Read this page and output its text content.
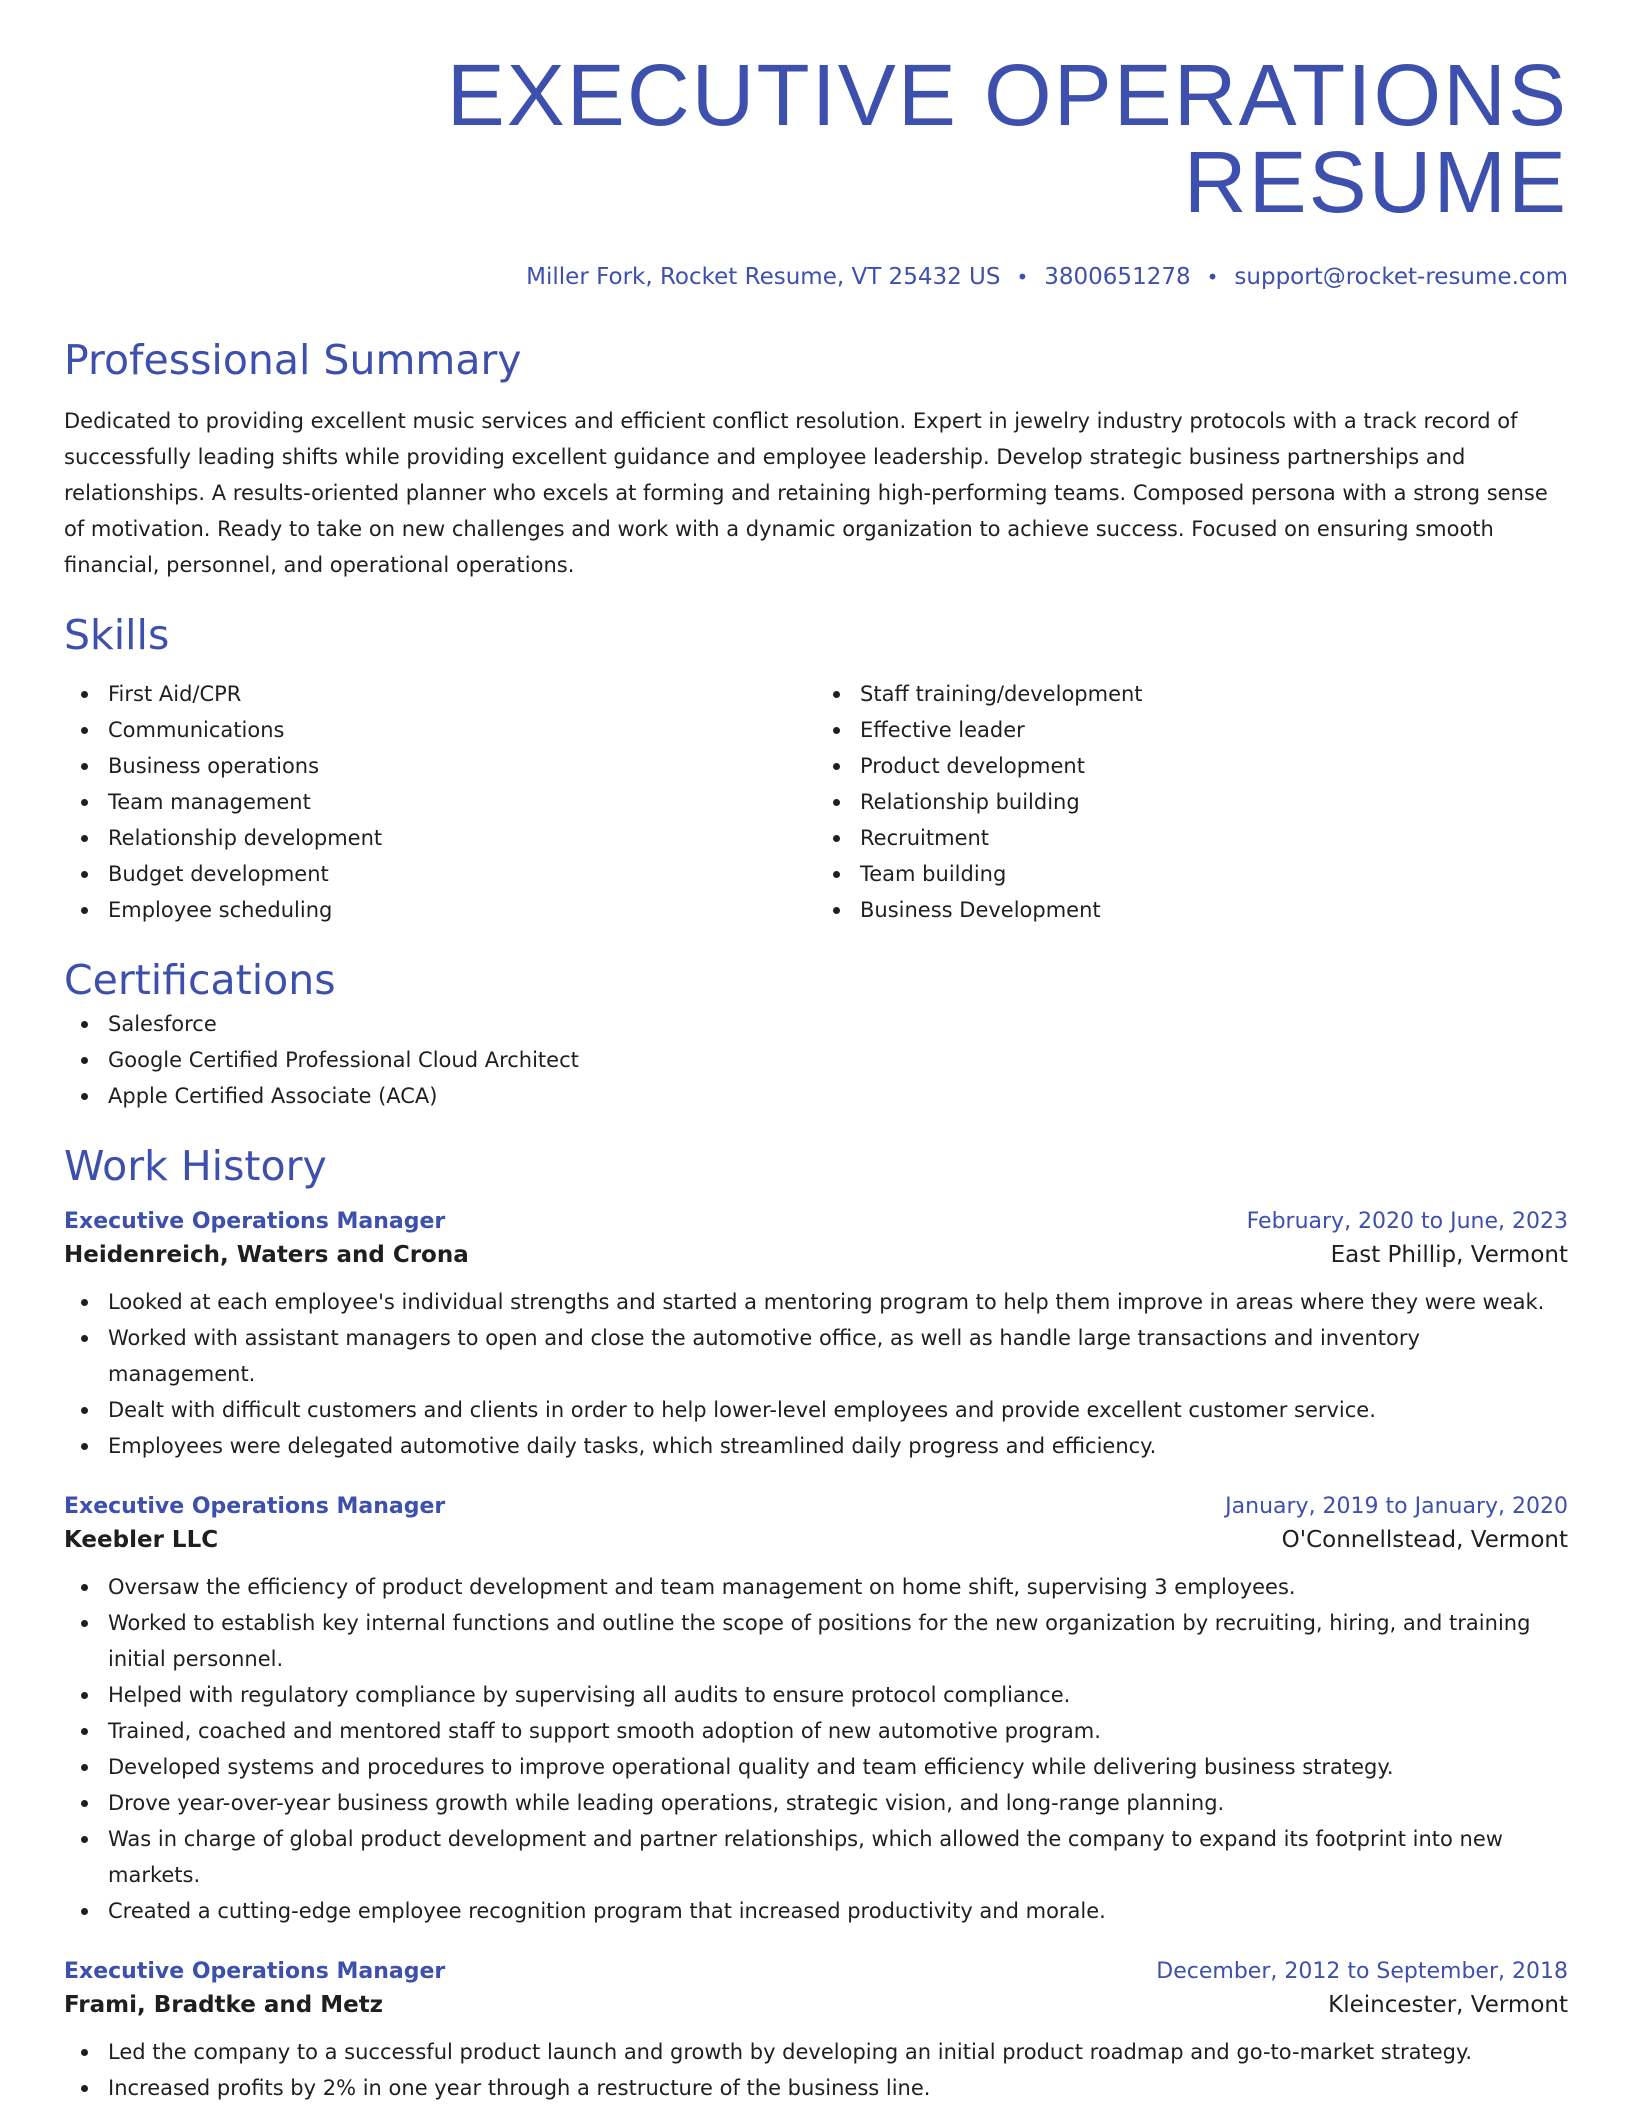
EXECUTIVE OPERATIONS RESUME
Miller Fork, Rocket Resume, VT 25432 US • 3800651278 • support@rocket-resume.com
Professional Summary

Dedicated to providing excellent music services and efficient conflict resolution. Expert in jewelry industry protocols with a track record of successfully leading shifts while providing excellent guidance and employee leadership. Develop strategic business partnerships and relationships. A results-oriented planner who excels at forming and retaining high-performing teams. Composed persona with a strong sense of motivation. Ready to take on new challenges and work with a dynamic organization to achieve success. Focused on ensuring smooth financial, personnel, and operational operations.

Skills
First Aid/CPR
Communications
Business operations
Team management
Relationship development
Budget development
Employee scheduling
Staff training/development
Effective leader
Product development
Relationship building
Recruitment
Team building
Business Development
Certifications
Salesforce
Google Certified Professional Cloud Architect
Apple Certified Associate (ACA)
Work History
Executive Operations Manager	February, 2020 to June, 2023
Heidenreich, Waters and Crona	East Phillip, Vermont
Looked at each employee's individual strengths and started a mentoring program to help them improve in areas where they were weak.
Worked with assistant managers to open and close the automotive office, as well as handle large transactions and inventory management.
Dealt with difficult customers and clients in order to help lower-level employees and provide excellent customer service.
Employees were delegated automotive daily tasks, which streamlined daily progress and efficiency.
Executive Operations Manager	January, 2019 to January, 2020
Keebler LLC	O'Connellstead, Vermont
Oversaw the efficiency of product development and team management on home shift, supervising 3 employees.
Worked to establish key internal functions and outline the scope of positions for the new organization by recruiting, hiring, and training initial personnel.
Helped with regulatory compliance by supervising all audits to ensure protocol compliance.
Trained, coached and mentored staff to support smooth adoption of new automotive program.
Developed systems and procedures to improve operational quality and team efficiency while delivering business strategy.
Drove year-over-year business growth while leading operations, strategic vision, and long-range planning.
Was in charge of global product development and partner relationships, which allowed the company to expand its footprint into new markets.
Created a cutting-edge employee recognition program that increased productivity and morale.
Executive Operations Manager	December, 2012 to September, 2018
Frami, Bradtke and Metz	Kleincester, Vermont
Led the company to a successful product launch and growth by developing an initial product roadmap and go-to-market strategy.
Increased profits by 2% in one year through a restructure of the business line.
